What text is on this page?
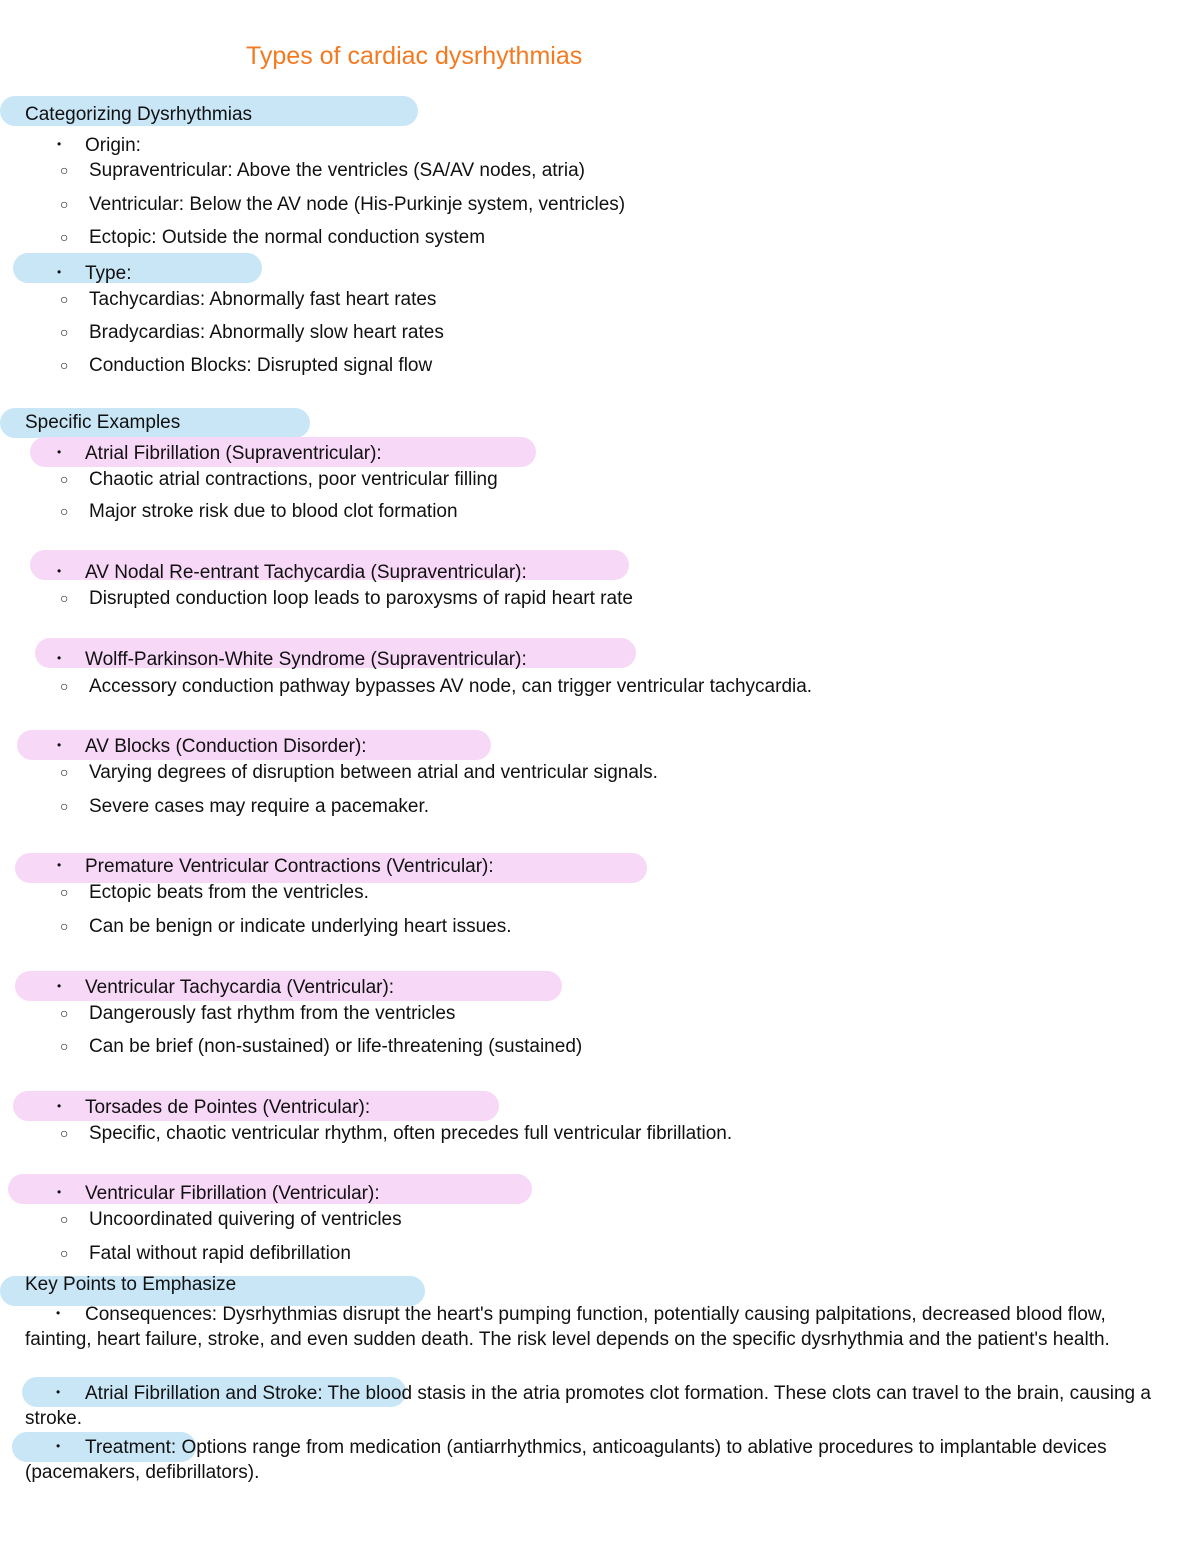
Types of cardiac dysrhythmias
Categorizing Dysrhythmias
• Origin:
○ Supraventricular: Above the ventricles (SA/AV nodes, atria)
○ Ventricular: Below the AV node (His-Purkinje system, ventricles)
○ Ectopic: Outside the normal conduction system
• Type:
○ Tachycardias: Abnormally fast heart rates
○ Bradycardias: Abnormally slow heart rates
○ Conduction Blocks: Disrupted signal flow
Specific Examples
• Atrial Fibrillation (Supraventricular):
○ Chaotic atrial contractions, poor ventricular filling
○ Major stroke risk due to blood clot formation
• AV Nodal Re-entrant Tachycardia (Supraventricular):
○ Disrupted conduction loop leads to paroxysms of rapid heart rate
• Wolff-Parkinson-White Syndrome (Supraventricular):
○ Accessory conduction pathway bypasses AV node, can trigger ventricular tachycardia.
• AV Blocks (Conduction Disorder):
○ Varying degrees of disruption between atrial and ventricular signals.
○ Severe cases may require a pacemaker.
• Premature Ventricular Contractions (Ventricular):
○ Ectopic beats from the ventricles.
○ Can be benign or indicate underlying heart issues.
• Ventricular Tachycardia (Ventricular):
○ Dangerously fast rhythm from the ventricles
○ Can be brief (non-sustained) or life-threatening (sustained)
• Torsades de Pointes (Ventricular):
○ Specific, chaotic ventricular rhythm, often precedes full ventricular fibrillation.
• Ventricular Fibrillation (Ventricular):
○ Uncoordinated quivering of ventricles
○ Fatal without rapid defibrillation
Key Points to Emphasize
• Consequences: Dysrhythmias disrupt the heart's pumping function, potentially causing palpitations, decreased blood flow, fainting, heart failure, stroke, and even sudden death. The risk level depends on the specific dysrhythmia and the patient's health.
• Atrial Fibrillation and Stroke: The blood stasis in the atria promotes clot formation. These clots can travel to the brain, causing a stroke.
• Treatment: Options range from medication (antiarrhythmics, anticoagulants) to ablative procedures to implantable devices (pacemakers, defibrillators).
